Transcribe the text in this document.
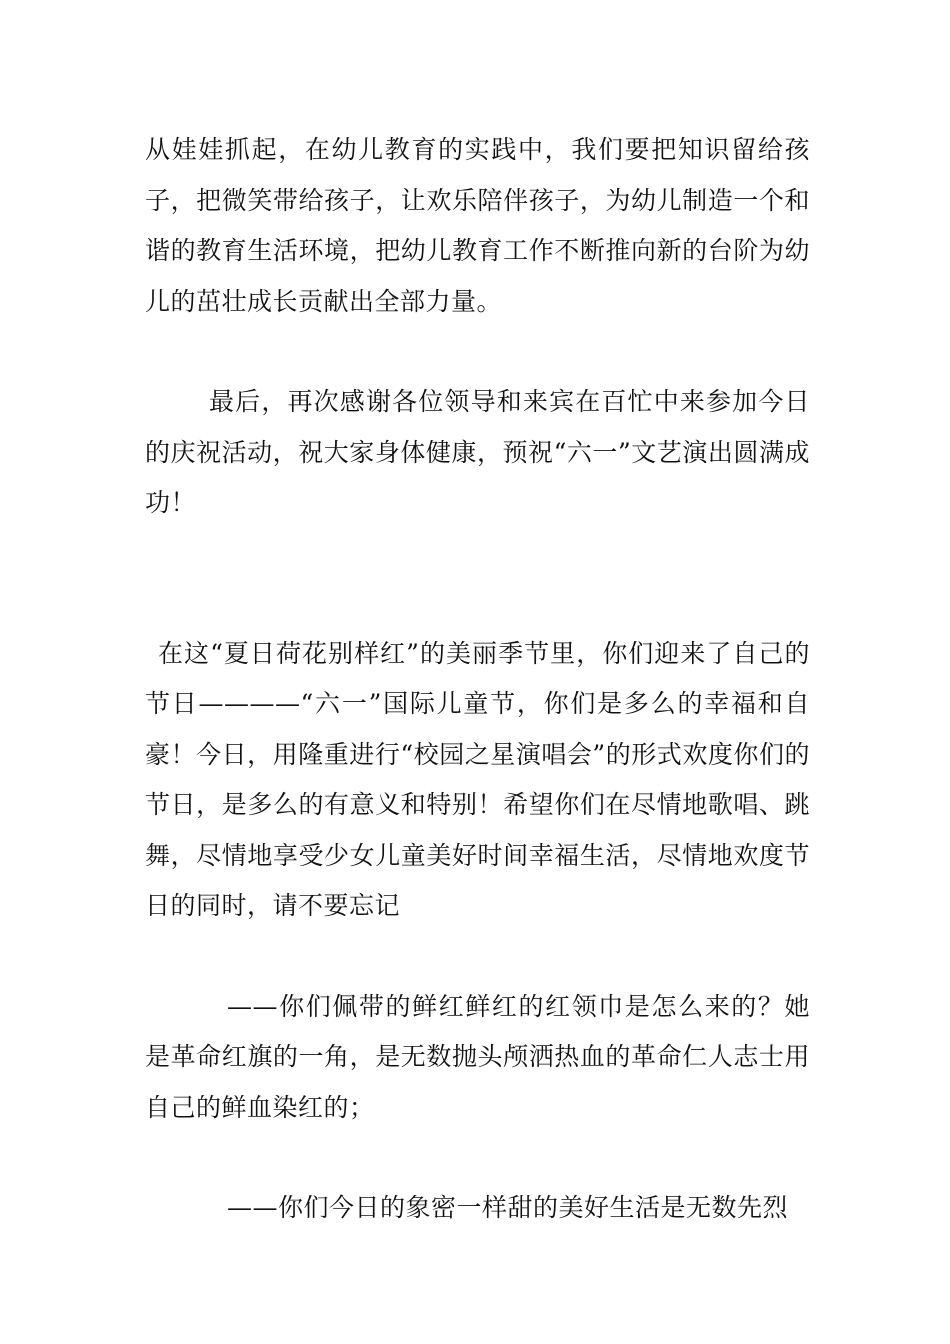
从娃娃抓起，在幼儿教育的实践中，我们要把知识留给孩子，把微笑带给孩子，让欢乐陪伴孩子，为幼儿制造一个和谐的教育生活环境，把幼儿教育工作不断推向新的台阶为幼儿的茁壮成长贡献出全部力量。

最后，再次感谢各位领导和来宾在百忙中来参加今日的庆祝活动，祝大家身体健康，预祝“六一”文艺演出圆满成功！

在这“夏日荷花别样红”的美丽季节里，你们迎来了自己的节日————“六一”国际儿童节，你们是多么的幸福和自豪！今日，用隆重进行“校园之星演唱会”的形式欢度你们的节日，是多么的有意义和特别！希望你们在尽情地歌唱、跳舞，尽情地享受少女儿童美好时间幸福生活，尽情地欢度节日的同时，请不要忘记

——你们佩带的鲜红鲜红的红领巾是怎么来的？她是革命红旗的一角，是无数抛头颅洒热血的革命仁人志士用自己的鲜血染红的；

——你们今日的象密一样甜的美好生活是无数先烈
